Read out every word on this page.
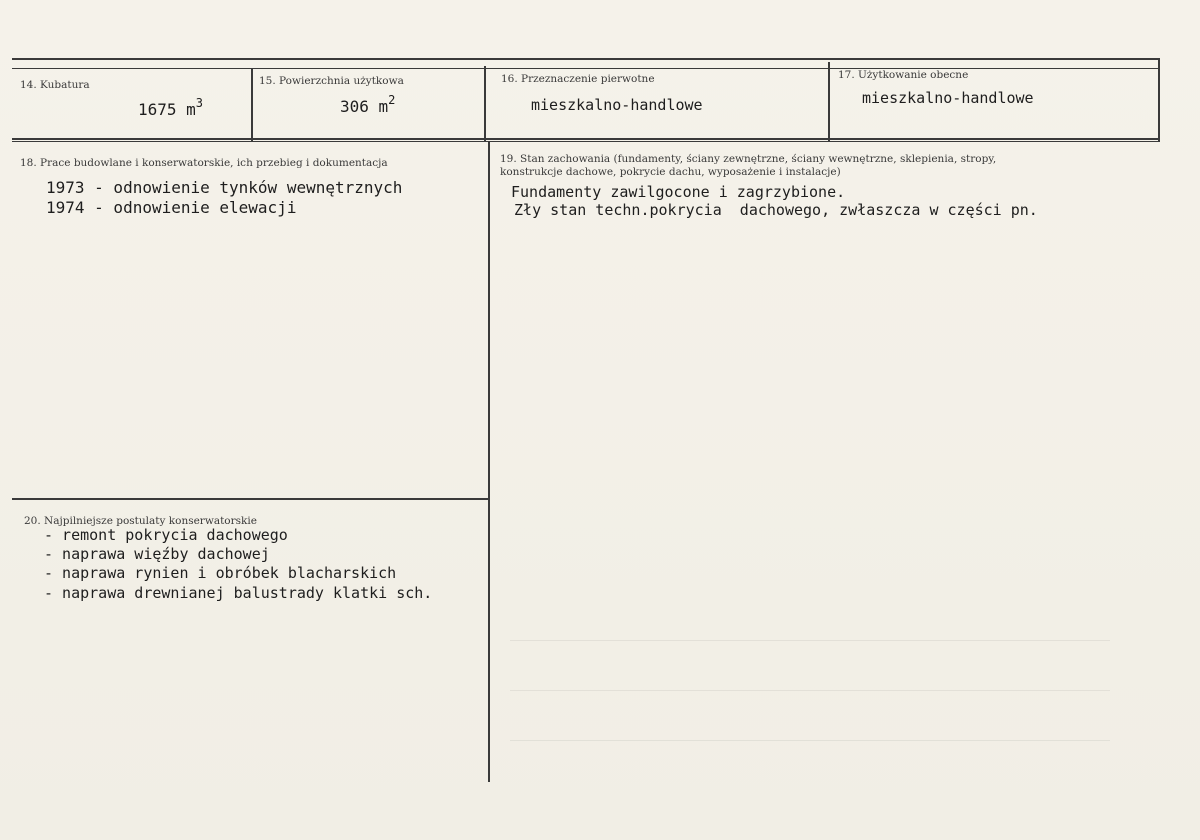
14. Kubatura
1675 $m^3$
15. Powierzchnia użytkowa
306 $m^2$
16. Przeznaczenie pierwotne
mieszkalno-handlowe
17. Użytkowanie obecne
mieszkalno-handlowe
18. Prace budowlane i konserwatorskie, ich przebieg i dokumentacja
1973 - odnowienie tynków wewnętrznych
1974 - odnowienie elewacji
19. Stan zachowania (fundamenty, ściany zewnętrzne, ściany wewnętrzne, sklepienia, stropy,
konstrukcje dachowe, pokrycie dachu, wyposażenie i instalacje)
Fundamenty zawilgocone i zagrzybione.
Zły stan techn.pokrycia  dachowego, zwłaszcza w części pn.
20. Najpilniejsze postulaty konserwatorskie
- remont pokrycia dachowego
- naprawa więźby dachowej
- naprawa rynien i obróbek blacharskich
- naprawa drewnianej balustrady klatki sch.
